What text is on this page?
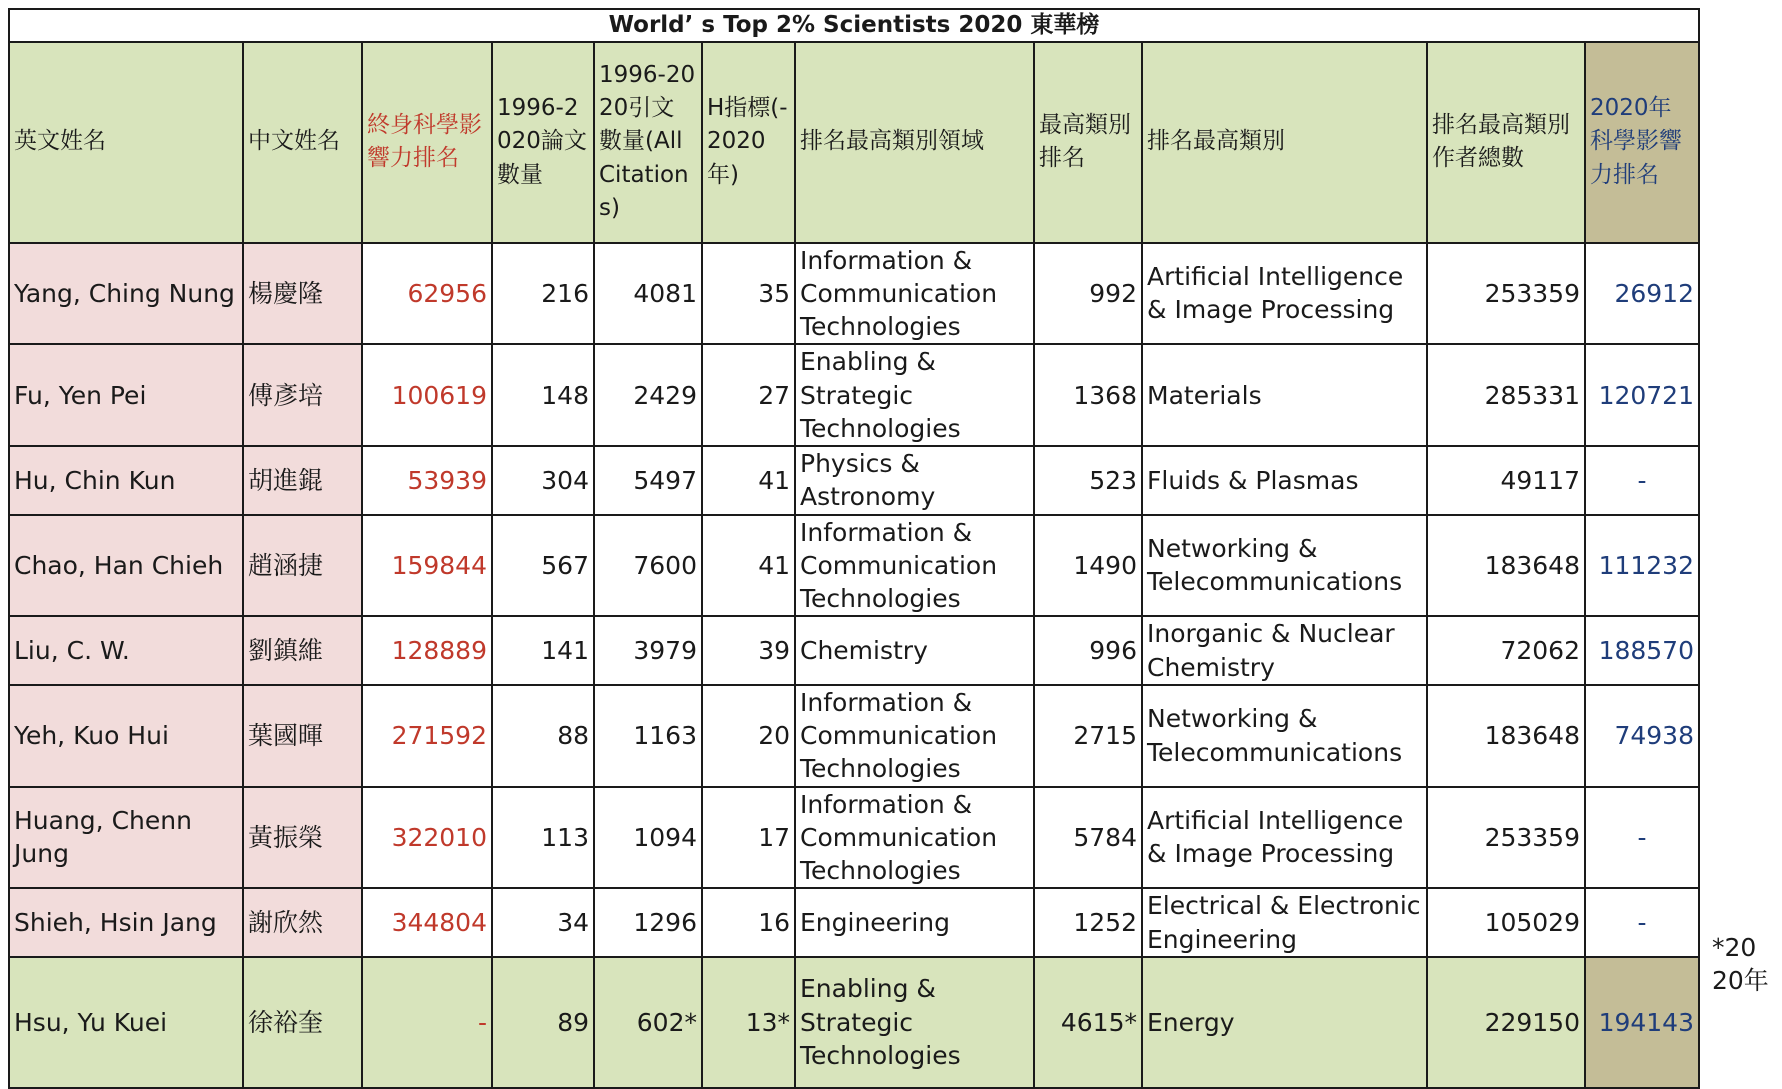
World’ s Top 2% Scientists 2020 東華榜										
英文姓名	中文姓名	終身科學影響力排名	1996-2020論文數量	1996-2020引文數量(All Citations)	H指標(-2020年)	排名最高類別領域	最高類別排名	排名最高類別	排名最高類別作者總數	2020年科學影響力排名
Yang, Ching Nung	楊慶隆	62956	216	4081	35	Information & Communication Technologies	992	Artificial Intelligence & Image Processing	253359	26912
Fu, Yen Pei	傅彥培	100619	148	2429	27	Enabling & Strategic Technologies	1368	Materials	285331	120721
Hu, Chin Kun	胡進錕	53939	304	5497	41	Physics & Astronomy	523	Fluids & Plasmas	49117	-
Chao, Han Chieh	趙涵捷	159844	567	7600	41	Information & Communication Technologies	1490	Networking & Telecommunications	183648	111232
Liu, C. W.	劉鎮維	128889	141	3979	39	Chemistry	996	Inorganic & Nuclear Chemistry	72062	188570
Yeh, Kuo Hui	葉國暉	271592	88	1163	20	Information & Communication Technologies	2715	Networking & Telecommunications	183648	74938
Huang, Chenn Jung	黃振榮	322010	113	1094	17	Information & Communication Technologies	5784	Artificial Intelligence & Image Processing	253359	-
Shieh, Hsin Jang	謝欣然	344804	34	1296	16	Engineering	1252	Electrical & Electronic Engineering	105029	-
Hsu, Yu Kuei	徐裕奎	-	89	602*	13*	Enabling & Strategic Technologies	4615*	Energy	229150	194143
*2020年
